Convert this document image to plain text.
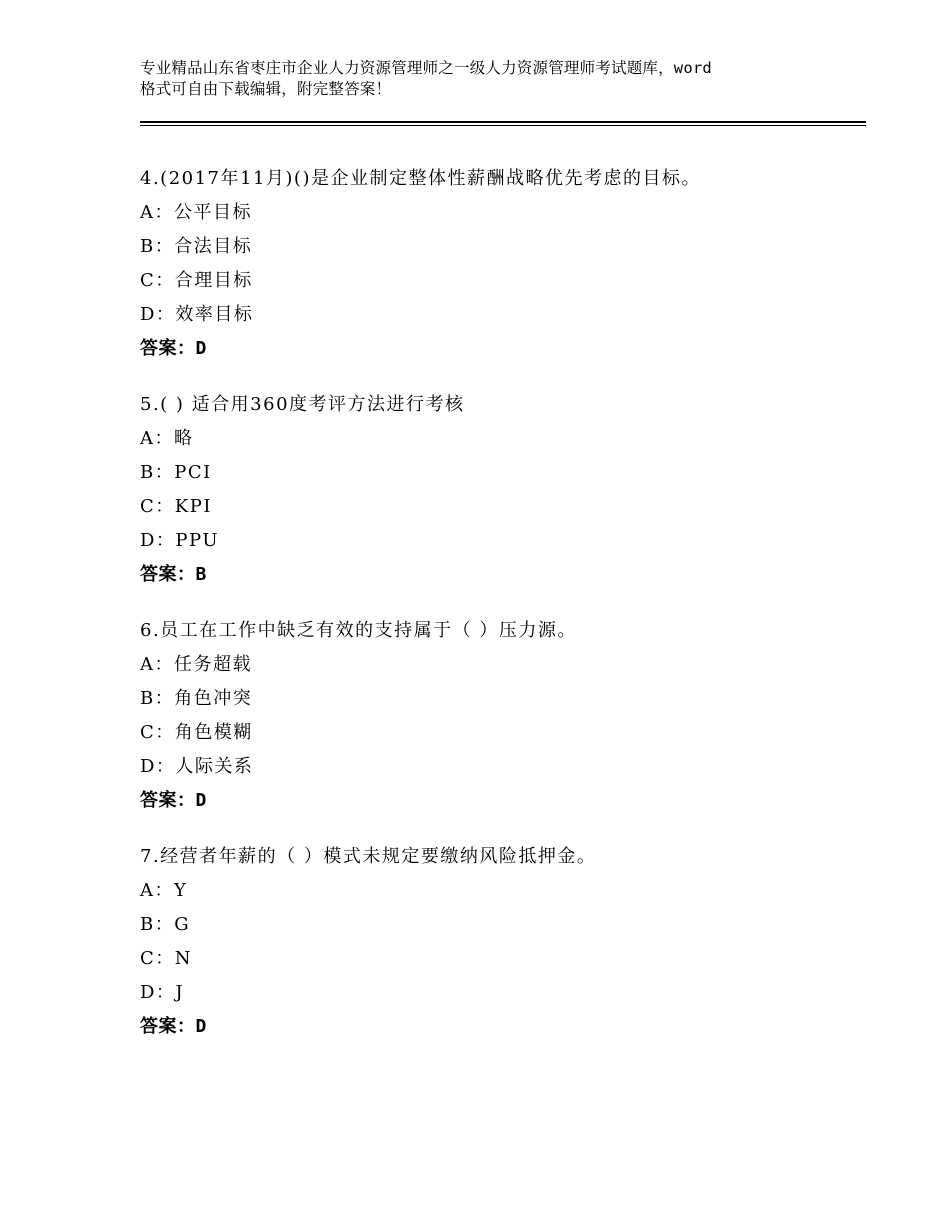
专业精品山东省枣庄市企业人力资源管理师之一级人力资源管理师考试题库，word
格式可自由下载编辑，附完整答案！
4.(2017年11月)()是企业制定整体性薪酬战略优先考虑的目标。
A：公平目标
B：合法目标
C：合理目标
D：效率目标
答案：D
5.( ) 适合用360度考评方法进行考核
A：略
B：PCI
C：KPI
D：PPU
答案：B
6.员工在工作中缺乏有效的支持属于（ ）压力源。
A：任务超载
B：角色冲突
C：角色模糊
D：人际关系
答案：D
7.经营者年薪的（ ）模式未规定要缴纳风险抵押金。
A：Y
B：G
C：N
D：J
答案：D
